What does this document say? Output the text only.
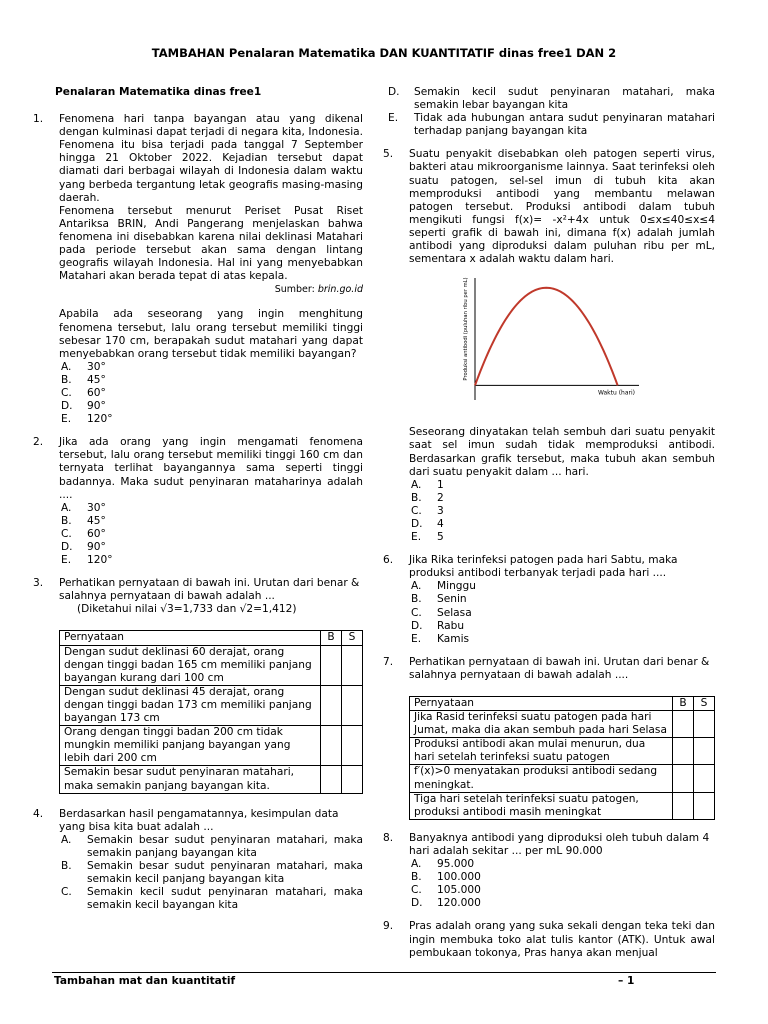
TAMBAHAN Penalaran Matematika DAN KUANTITATIF dinas free1 DAN 2
Penalaran Matematika dinas free1
1.	Fenomena hari tanpa bayangan atau yang dikenal dengan kulminasi dapat terjadi di negara kita, Indonesia. Fenomena itu bisa terjadi pada tanggal 7 September hingga 21 Oktober 2022. Kejadian tersebut dapat diamati dari berbagai wilayah di Indonesia dalam waktu yang berbeda tergantung letak geografis masing-masing daerah.
Fenomena tersebut menurut Periset Pusat Riset Antariksa BRIN, Andi Pangerang menjelaskan bahwa fenomena ini disebabkan karena nilai deklinasi Matahari pada periode tersebut akan sama dengan lintang geografis wilayah Indonesia. Hal ini yang menyebabkan Matahari akan berada tepat di atas kepala.
Sumber: brin.go.id
Apabila ada seseorang yang ingin menghitung fenomena tersebut, lalu orang tersebut memiliki tinggi sebesar 170 cm, berapakah sudut matahari yang dapat menyebabkan orang tersebut tidak memiliki bayangan?
A. 30°
B. 45°
C. 60°
D. 90°
E. 120°
2.	Jika ada orang yang ingin mengamati fenomena tersebut, lalu orang tersebut memiliki tinggi 160 cm dan ternyata terlihat bayangannya sama seperti tinggi badannya. Maka sudut penyinaran mataharinya adalah ....
A. 30°
B. 45°
C. 60°
D. 90°
E. 120°
3.	Perhatikan pernyataan di bawah ini. Urutan dari benar & salahnya pernyataan di bawah adalah ...
(Diketahui nilai √3=1,733 dan √2=1,412)
Pernyataan	B	S
Dengan sudut deklinasi 60 derajat, orang dengan tinggi badan 165 cm memiliki panjang bayangan kurang dari 100 cm		
Dengan sudut deklinasi 45 derajat, orang dengan tinggi badan 173 cm memiliki panjang bayangan 173 cm		
Orang dengan tinggi badan 200 cm tidak mungkin memiliki panjang bayangan yang lebih dari 200 cm		
Semakin besar sudut penyinaran matahari, maka semakin panjang bayangan kita.		
4.	Berdasarkan hasil pengamatannya, kesimpulan data yang bisa kita buat adalah ...
A. Semakin besar sudut penyinaran matahari, maka semakin panjang bayangan kita
B. Semakin besar sudut penyinaran matahari, maka semakin kecil panjang bayangan kita
C. Semakin kecil sudut penyinaran matahari, maka semakin kecil bayangan kita
D. Semakin kecil sudut penyinaran matahari, maka semakin lebar bayangan kita
E. Tidak ada hubungan antara sudut penyinaran matahari terhadap panjang bayangan kita
5.	Suatu penyakit disebabkan oleh patogen seperti virus, bakteri atau mikroorganisme lainnya. Saat terinfeksi oleh suatu patogen, sel-sel imun di tubuh kita akan memproduksi antibodi yang membantu melawan patogen tersebut. Produksi antibodi dalam tubuh mengikuti fungsi f(x)= -x²+4x untuk 0≤x≤40≤x≤4 seperti grafik di bawah ini, dimana f(x) adalah jumlah antibodi yang diproduksi dalam puluhan ribu per mL, sementara x adalah waktu dalam hari.
Waktu (hari)
Produksi antibodi (puluhan ribu per mL)
Seseorang dinyatakan telah sembuh dari suatu penyakit saat sel imun sudah tidak memproduksi antibodi. Berdasarkan grafik tersebut, maka tubuh akan sembuh dari suatu penyakit dalam ... hari.
A. 1
B. 2
C. 3
D. 4
E. 5
6.	Jika Rika terinfeksi patogen pada hari Sabtu, maka produksi antibodi terbanyak terjadi pada hari ....
A. Minggu
B. Senin
C. Selasa
D. Rabu
E. Kamis
7.	Perhatikan pernyataan di bawah ini. Urutan dari benar & salahnya pernyataan di bawah adalah ....
Pernyataan	B	S
Jika Rasid terinfeksi suatu patogen pada hari Jumat, maka dia akan sembuh pada hari Selasa		
Produksi antibodi akan mulai menurun, dua hari setelah terinfeksi suatu patogen		
f′(x)>0 menyatakan produksi antibodi sedang meningkat.		
Tiga hari setelah terinfeksi suatu patogen, produksi antibodi masih meningkat		
8.	Banyaknya antibodi yang diproduksi oleh tubuh dalam 4 hari adalah sekitar ... per mL 90.000
A. 95.000
B. 100.000
C. 105.000
D. 120.000
9.	Pras adalah orang yang suka sekali dengan teka teki dan ingin membuka toko alat tulis kantor (ATK). Untuk awal pembukaan tokonya, Pras hanya akan menjual
Tambahan mat dan kuantitatif	– 1
